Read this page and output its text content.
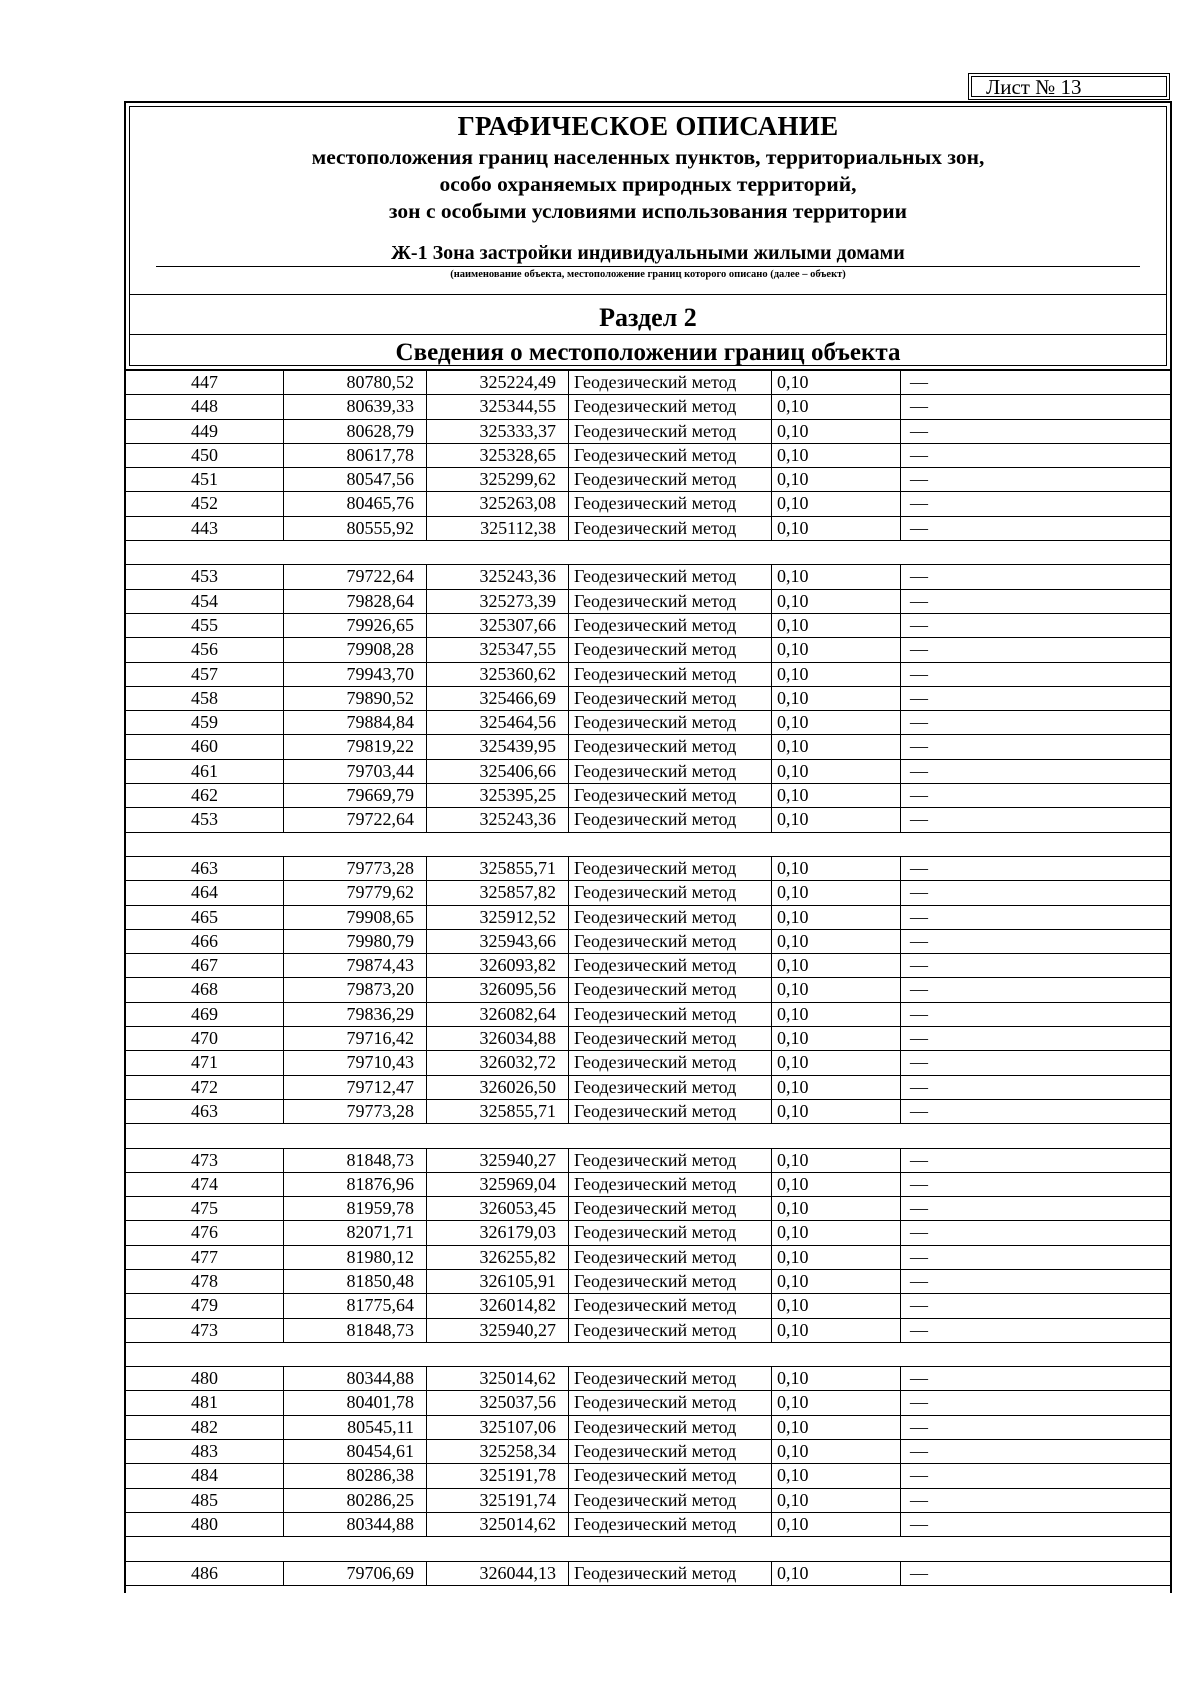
Лист № 13
ГРАФИЧЕСКОЕ ОПИСАНИЕ
местоположения границ населенных пунктов, территориальных зон,
особо охраняемых природных территорий,
зон с особыми условиями использования территории
Ж-1 Зона застройки индивидуальными жилыми домами
(наименование объекта, местоположение границ которого описано (далее – объект)
Раздел 2
Сведения о местоположении границ объекта
447	80780,52	325224,49	Геодезический метод	0,10	—
448	80639,33	325344,55	Геодезический метод	0,10	—
449	80628,79	325333,37	Геодезический метод	0,10	—
450	80617,78	325328,65	Геодезический метод	0,10	—
451	80547,56	325299,62	Геодезический метод	0,10	—
452	80465,76	325263,08	Геодезический метод	0,10	—
443	80555,92	325112,38	Геодезический метод	0,10	—
453	79722,64	325243,36	Геодезический метод	0,10	—
454	79828,64	325273,39	Геодезический метод	0,10	—
455	79926,65	325307,66	Геодезический метод	0,10	—
456	79908,28	325347,55	Геодезический метод	0,10	—
457	79943,70	325360,62	Геодезический метод	0,10	—
458	79890,52	325466,69	Геодезический метод	0,10	—
459	79884,84	325464,56	Геодезический метод	0,10	—
460	79819,22	325439,95	Геодезический метод	0,10	—
461	79703,44	325406,66	Геодезический метод	0,10	—
462	79669,79	325395,25	Геодезический метод	0,10	—
453	79722,64	325243,36	Геодезический метод	0,10	—
463	79773,28	325855,71	Геодезический метод	0,10	—
464	79779,62	325857,82	Геодезический метод	0,10	—
465	79908,65	325912,52	Геодезический метод	0,10	—
466	79980,79	325943,66	Геодезический метод	0,10	—
467	79874,43	326093,82	Геодезический метод	0,10	—
468	79873,20	326095,56	Геодезический метод	0,10	—
469	79836,29	326082,64	Геодезический метод	0,10	—
470	79716,42	326034,88	Геодезический метод	0,10	—
471	79710,43	326032,72	Геодезический метод	0,10	—
472	79712,47	326026,50	Геодезический метод	0,10	—
463	79773,28	325855,71	Геодезический метод	0,10	—
473	81848,73	325940,27	Геодезический метод	0,10	—
474	81876,96	325969,04	Геодезический метод	0,10	—
475	81959,78	326053,45	Геодезический метод	0,10	—
476	82071,71	326179,03	Геодезический метод	0,10	—
477	81980,12	326255,82	Геодезический метод	0,10	—
478	81850,48	326105,91	Геодезический метод	0,10	—
479	81775,64	326014,82	Геодезический метод	0,10	—
473	81848,73	325940,27	Геодезический метод	0,10	—
480	80344,88	325014,62	Геодезический метод	0,10	—
481	80401,78	325037,56	Геодезический метод	0,10	—
482	80545,11	325107,06	Геодезический метод	0,10	—
483	80454,61	325258,34	Геодезический метод	0,10	—
484	80286,38	325191,78	Геодезический метод	0,10	—
485	80286,25	325191,74	Геодезический метод	0,10	—
480	80344,88	325014,62	Геодезический метод	0,10	—
486	79706,69	326044,13	Геодезический метод	0,10	—
